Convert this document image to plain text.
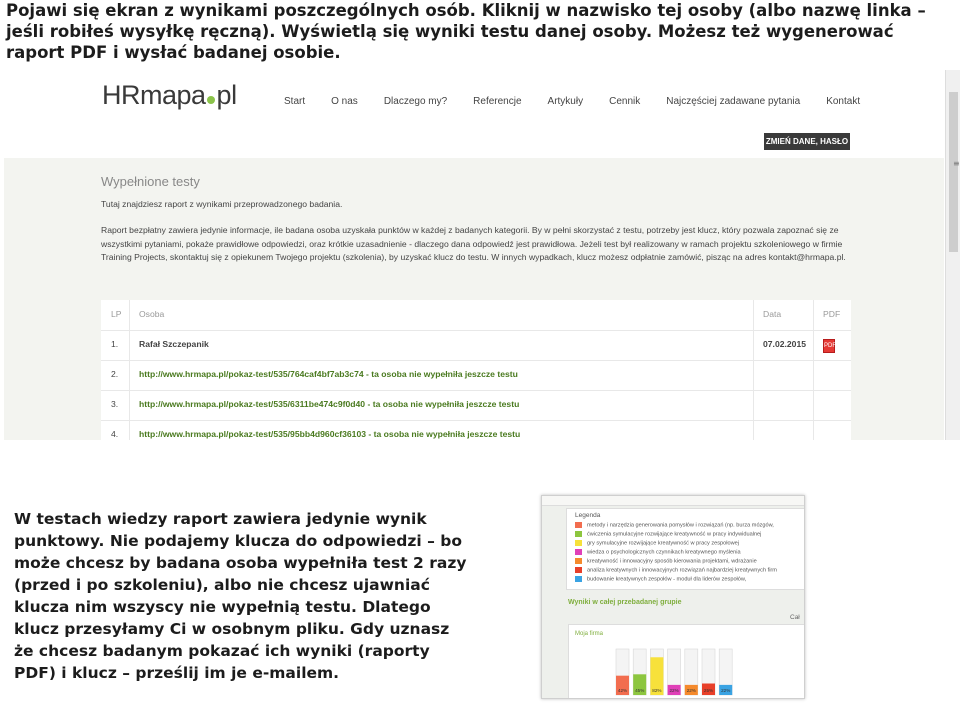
Pojawi się ekran z wynikami poszczególnych osób. Kliknij w nazwisko tej osoby (albo nazwę linka –
jeśli robiłeś wysyłkę ręczną). Wyświetlą się wyniki testu danej osoby. Możesz też wygenerować
raport PDF i wysłać badanej osobie.

HRmapa pl	Start	O nas	Dlaczego my?	Referencje	Artykuły	Cennik	Najczęściej zadawane pytania	Kontakt
ZMIEŃ DANE, HASŁO
Wypełnione testy
Tutaj znajdziesz raport z wynikami przeprowadzonego badania.
Raport bezpłatny zawiera jedynie informacje, ile badana osoba uzyskała punktów w każdej z badanych kategorii. By w pełni skorzystać z testu, potrzeby jest klucz, który pozwala zapoznać się ze wszystkimi pytaniami, pokaże prawidłowe odpowiedzi, oraz krótkie uzasadnienie - dlaczego dana odpowiedź jest prawidłowa. Jeżeli test był realizowany w ramach projektu szkoleniowego w firmie Training Projects, skontaktuj się z opiekunem Twojego projektu (szkolenia), by uzyskać klucz do testu. W innych wypadkach, klucz możesz odpłatnie zamówić, pisząc na adres kontakt@hrmapa.pl.
LP Osoba	Data	PDF
1. Rafał Szczepanik	07.02.2015	PDF
2. http://www.hrmapa.pl/pokaz-test/535/764caf4bf7ab3c74 - ta osoba nie wypełniła jeszcze testu
3. http://www.hrmapa.pl/pokaz-test/535/6311be474c9f0d40 - ta osoba nie wypełniła jeszcze testu
4. http://www.hrmapa.pl/pokaz-test/535/95bb4d960cf36103 - ta osoba nie wypełniła jeszcze testu
≡

W testach wiedzy raport zawiera jedynie wynik
punktowy. Nie podajemy klucza do odpowiedzi – bo
może chcesz by badana osoba wypełniła test 2 razy
(przed i po szkoleniu), albo nie chcesz ujawniać
klucza nim wszyscy nie wypełnią testu. Dlatego
klucz przesyłamy Ci w osobnym pliku. Gdy uznasz
że chcesz badanym pokazać ich wyniki (raporty
PDF) i klucz – prześlij im je e-mailem.

Legenda
metody i narzędzia generowania pomysłów i rozwiązań (np. burza mózgów,
ćwiczenia symulacyjne rozwijające kreatywność w pracy indywidualnej
gry symulacyjne rozwijające kreatywność w pracy zespołowej
wiedza o psychologicznych czynnikach kreatywnego myślenia
kreatywność i innowacyjny sposób kierowania projektami, wdrażanie
analiza kreatywnych i innowacyjnych rozwiązań najbardziej kreatywnych firm
budowanie kreatywnych zespołów - moduł dla liderów zespołów,
Wyniki w całej przebadanej grupie
Cał
Moja firma
42% 45% 82% 22% 22% 25% 22%
